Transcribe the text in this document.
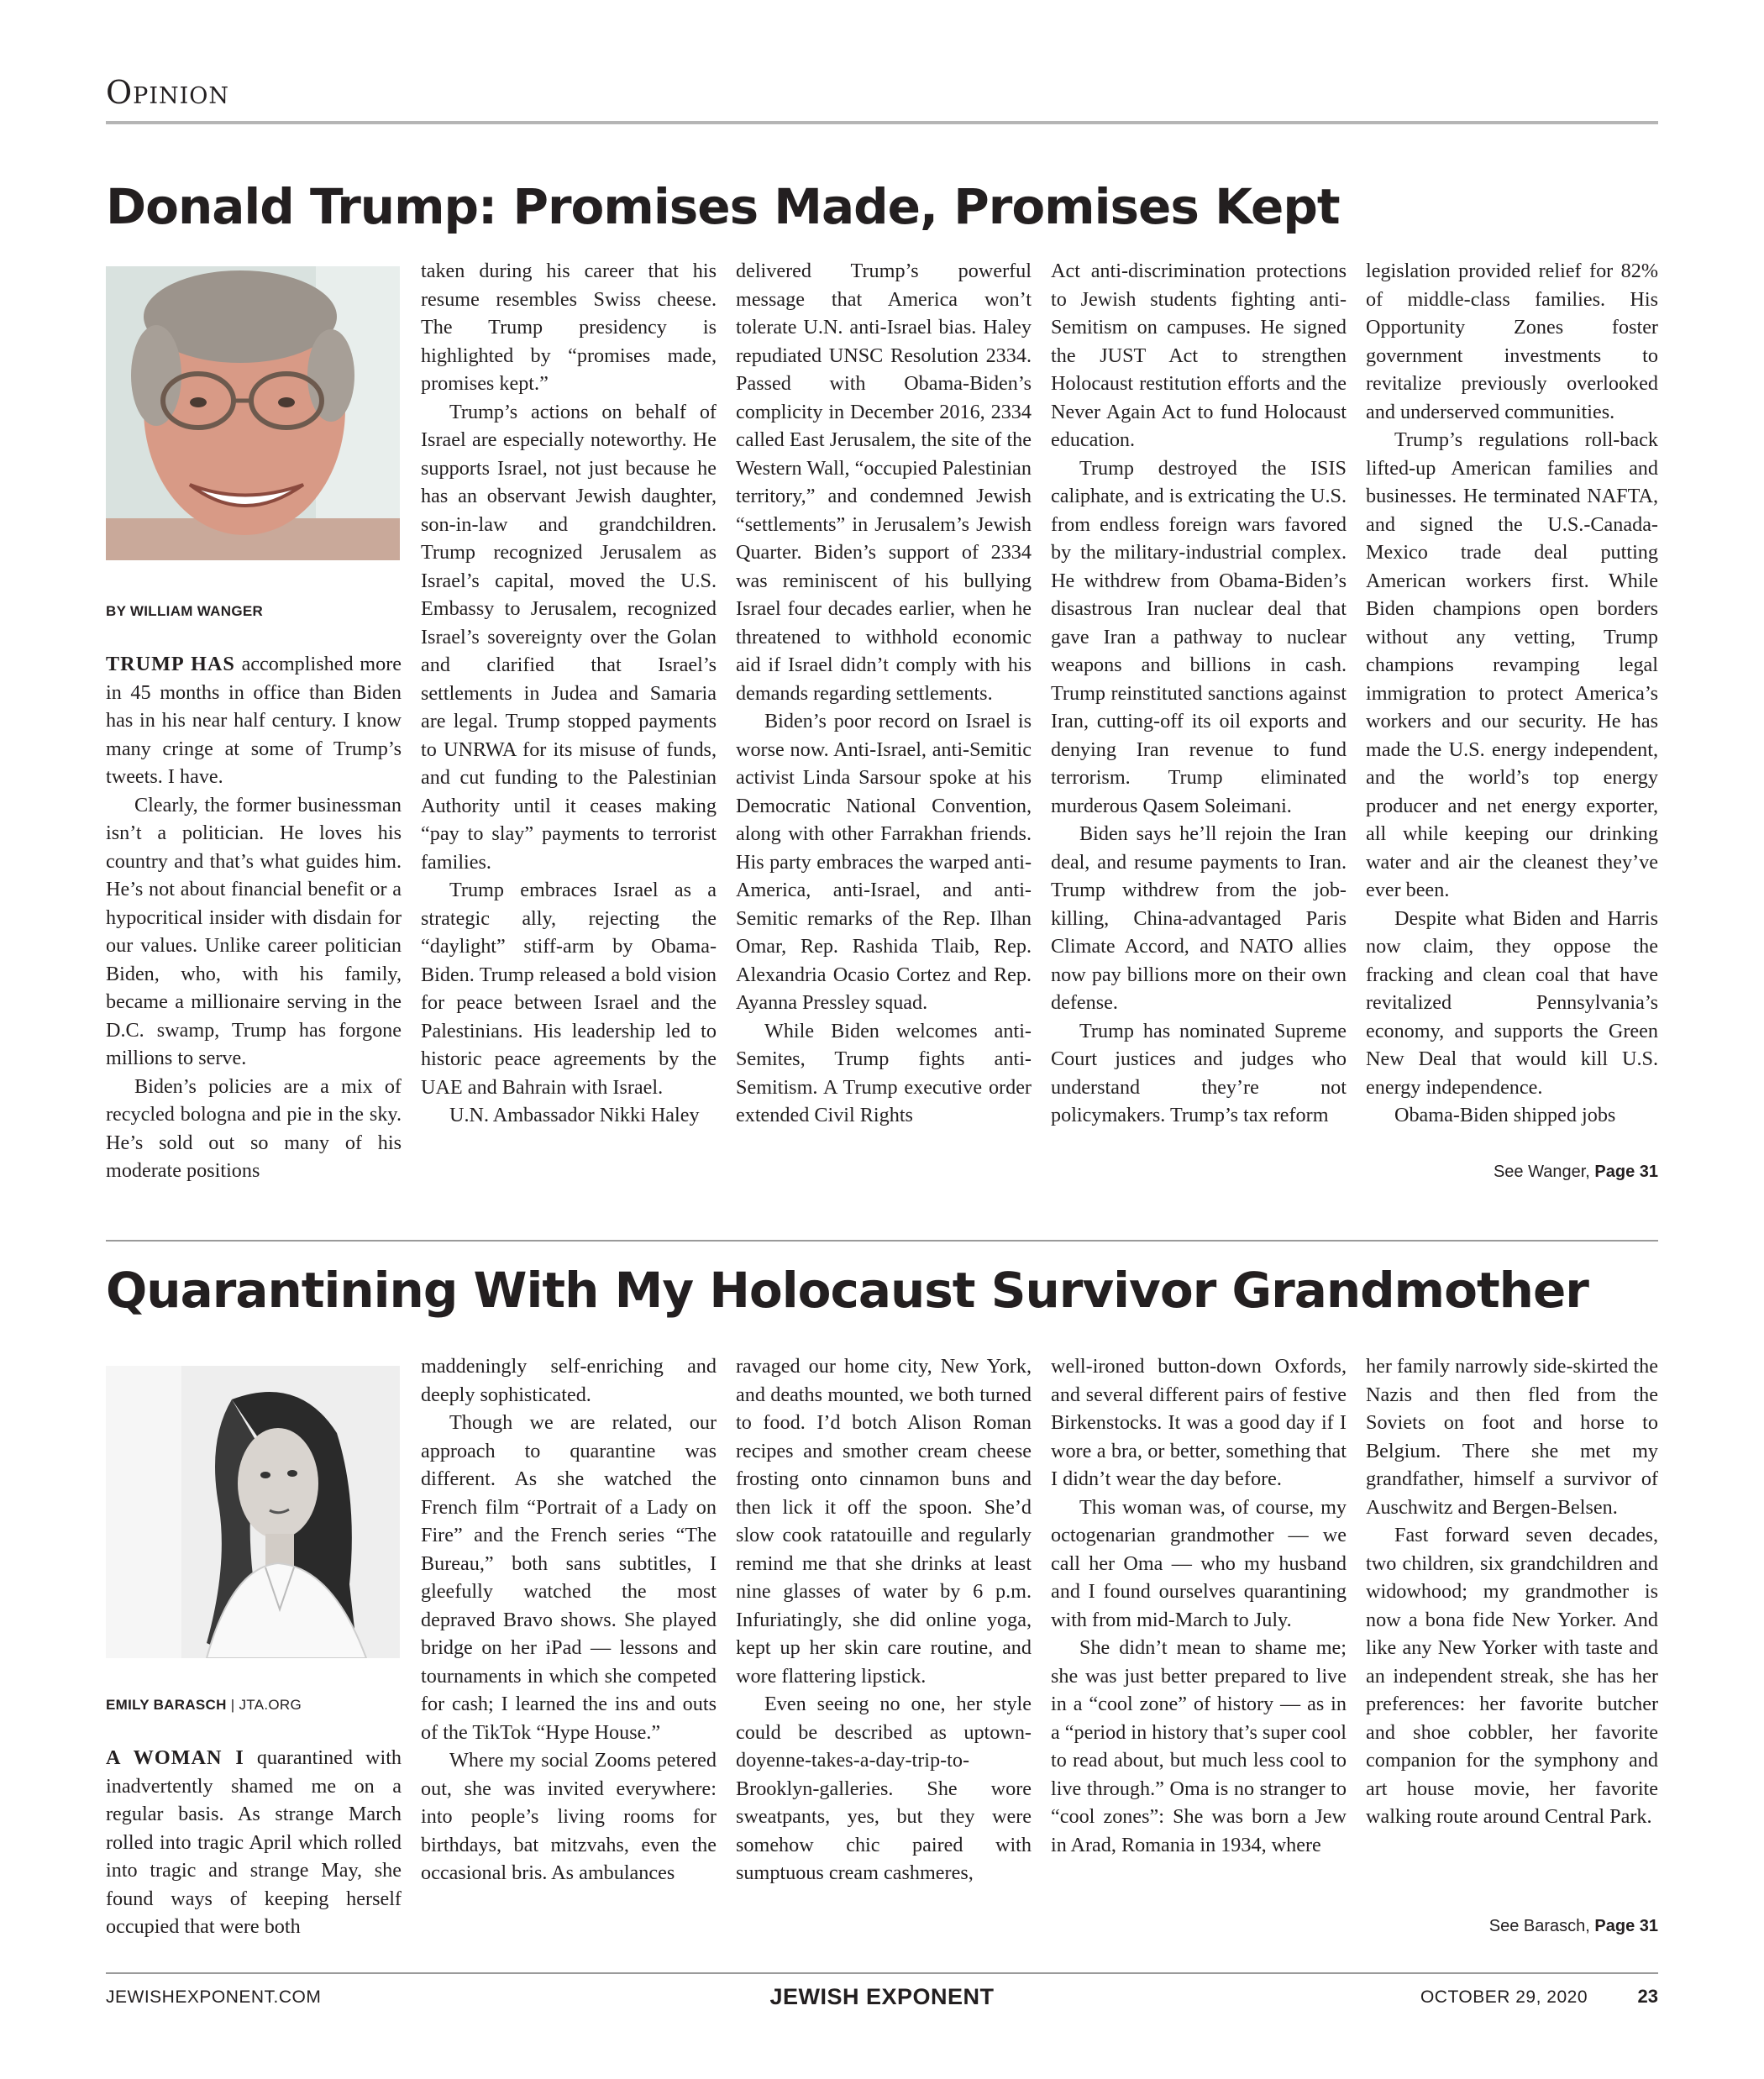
Opinion
Donald Trump: Promises Made, Promises Kept
BY WILLIAM WANGER

TRUMP HAS accomplished more in 45 months in office than Biden has in his near half century. I know many cringe at some of Trump’s tweets. I have.

Clearly, the former businessman isn’t a politician. He loves his country and that’s what guides him. He’s not about financial benefit or a hypocritical insider with disdain for our values. Unlike career politician Biden, who, with his family, became a millionaire serving in the D.C. swamp, Trump has forgone millions to serve.

Biden’s policies are a mix of recycled bologna and pie in the sky. He’s sold out so many of his moderate positions

taken during his career that his resume resembles Swiss cheese. The Trump presidency is highlighted by “promises made, promises kept.”

Trump’s actions on behalf of Israel are especially noteworthy. He supports Israel, not just because he has an observant Jewish daughter, son-in-law and grandchildren. Trump recognized Jerusalem as Israel’s capital, moved the U.S. Embassy to Jerusalem, recognized Israel’s sovereignty over the Golan and clarified that Israel’s settlements in Judea and Samaria are legal. Trump stopped payments to UNRWA for its misuse of funds, and cut funding to the Palestinian Authority until it ceases making “pay to slay” payments to terrorist families.

Trump embraces Israel as a strategic ally, rejecting the “daylight” stiff-arm by Obama-Biden. Trump released a bold vision for peace between Israel and the Palestinians. His leadership led to historic peace agreements by the UAE and Bahrain with Israel.

U.N. Ambassador Nikki Haley

delivered Trump’s powerful message that America won’t tolerate U.N. anti-Israel bias. Haley repudiated UNSC Resolution 2334. Passed with Obama-Biden’s complicity in December 2016, 2334 called East Jerusalem, the site of the Western Wall, “occupied Palestinian territory,” and condemned Jewish “settlements” in Jerusalem’s Jewish Quarter. Biden’s support of 2334 was reminiscent of his bullying Israel four decades earlier, when he threatened to withhold economic aid if Israel didn’t comply with his demands regarding settlements.

Biden’s poor record on Israel is worse now. Anti-Israel, anti-Semitic activist Linda Sarsour spoke at his Democratic National Convention, along with other Farrakhan friends. His party embraces the warped anti-America, anti-Israel, and anti-Semitic remarks of the Rep. Ilhan Omar, Rep. Rashida Tlaib, Rep. Alexandria Ocasio Cortez and Rep. Ayanna Pressley squad.

While Biden welcomes anti-Semites, Trump fights anti-Semitism. A Trump executive order extended Civil Rights

Act anti-discrimination protections to Jewish students fighting anti-Semitism on campuses. He signed the JUST Act to strengthen Holocaust restitution efforts and the Never Again Act to fund Holocaust education.

Trump destroyed the ISIS caliphate, and is extricating the U.S. from endless foreign wars favored by the military-industrial complex. He withdrew from Obama-Biden’s disastrous Iran nuclear deal that gave Iran a pathway to nuclear weapons and billions in cash. Trump reinstituted sanctions against Iran, cutting-off its oil exports and denying Iran revenue to fund terrorism. Trump eliminated murderous Qasem Soleimani.

Biden says he’ll rejoin the Iran deal, and resume payments to Iran. Trump withdrew from the job-killing, China-advantaged Paris Climate Accord, and NATO allies now pay billions more on their own defense.

Trump has nominated Supreme Court justices and judges who understand they’re not policymakers. Trump’s tax reform

legislation provided relief for 82% of middle-class families. His Opportunity Zones foster government investments to revitalize previously overlooked and underserved communities.

Trump’s regulations roll-back lifted-up American families and businesses. He terminated NAFTA, and signed the U.S.-Canada-Mexico trade deal putting American workers first. While Biden champions open borders without any vetting, Trump champions revamping legal immigration to protect America’s workers and our security. He has made the U.S. energy independent, and the world’s top energy producer and net energy exporter, all while keeping our drinking water and air the cleanest they’ve ever been.

Despite what Biden and Harris now claim, they oppose the fracking and clean coal that have revitalized Pennsylvania’s economy, and supports the Green New Deal that would kill U.S. energy independence.

Obama-Biden shipped jobs

See Wanger, Page 31
Quarantining With My Holocaust Survivor Grandmother
EMILY BARASCH | JTA.ORG

A WOMAN I quarantined with inadvertently shamed me on a regular basis. As strange March rolled into tragic April which rolled into tragic and strange May, she found ways of keeping herself occupied that were both

maddeningly self-enriching and deeply sophisticated.

Though we are related, our approach to quarantine was different. As she watched the French film “Portrait of a Lady on Fire” and the French series “The Bureau,” both sans subtitles, I gleefully watched the most depraved Bravo shows. She played bridge on her iPad — lessons and tournaments in which she competed for cash; I learned the ins and outs of the TikTok “Hype House.”

Where my social Zooms petered out, she was invited everywhere: into people’s living rooms for birthdays, bat mitzvahs, even the occasional bris. As ambulances

ravaged our home city, New York, and deaths mounted, we both turned to food. I’d botch Alison Roman recipes and smother cream cheese frosting onto cinnamon buns and then lick it off the spoon. She’d slow cook ratatouille and regularly remind me that she drinks at least nine glasses of water by 6 p.m. Infuriatingly, she did online yoga, kept up her skin care routine, and wore flattering lipstick.

Even seeing no one, her style could be described as uptown-doyenne-takes-a-day-trip-to-Brooklyn-galleries. She wore sweatpants, yes, but they were somehow chic paired with sumptuous cream cashmeres,

well-ironed button-down Oxfords, and several different pairs of festive Birkenstocks. It was a good day if I wore a bra, or better, something that I didn’t wear the day before.

This woman was, of course, my octogenarian grandmother — we call her Oma — who my husband and I found ourselves quarantining with from mid-March to July.

She didn’t mean to shame me; she was just better prepared to live in a “cool zone” of history — as in a “period in history that’s super cool to read about, but much less cool to live through.” Oma is no stranger to “cool zones”: She was born a Jew in Arad, Romania in 1934, where

her family narrowly side-skirted the Nazis and then fled from the Soviets on foot and horse to Belgium. There she met my grandfather, himself a survivor of Auschwitz and Bergen-Belsen.

Fast forward seven decades, two children, six grandchildren and widowhood; my grandmother is now a bona fide New Yorker. And like any New Yorker with taste and an independent streak, she has her preferences: her favorite butcher and shoe cobbler, her favorite companion for the symphony and art house movie, her favorite walking route around Central Park.

See Barasch, Page 31
JEWISHEXPONENT.COM	JEWISH EXPONENT	OCTOBER 29, 2020	23
